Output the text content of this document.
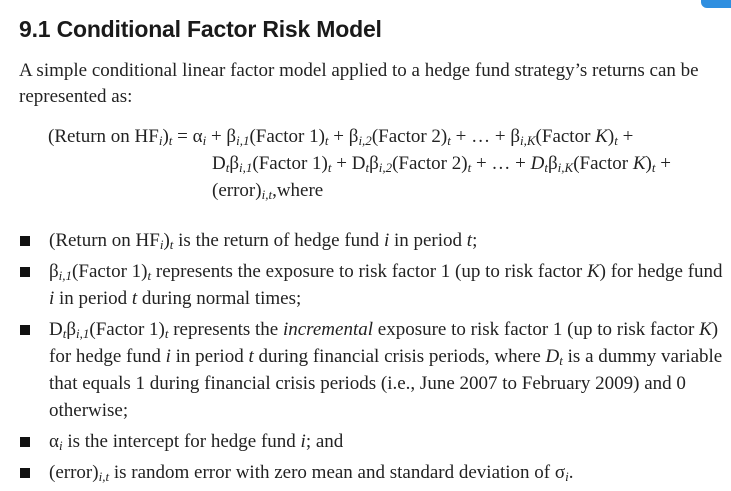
9.1 Conditional Factor Risk Model

A simple conditional linear factor model applied to a hedge fund strategy’s returns can be represented as:

(Return on $HF_i)_t = \alpha_i$ + $\beta_{i,1}(Factor$ $1)_t$ + $\beta_{i,2}(Factor$ $2)_t$ + … + $\beta_{i,K}(Factor$ $K)_t$ +
$D_t\beta_{i,1}(Factor$ $1)_t$ + $D_t\beta_{i,2}(Factor$ $2)_t$ + … + $D_t\beta_{i,K}(Factor$ $K)_t$ +
$(error)_{i,t},where$
(Return on $HF_i)_t$ is the return of hedge fund i in period t;
$\beta_{i,1}(Factor$ $1)_t$ represents the exposure to risk factor 1 (up to risk factor K) for hedge fund i in period t during normal times;
$D_t\beta_{i,1}(Factor$ $1)_t$ represents the incremental exposure to risk factor 1 (up to risk factor K) for hedge fund i in period t during financial crisis periods, where $D_t$ is a dummy variable that equals 1 during financial crisis periods (i.e., June 2007 to February 2009) and 0 otherwise;
$\alpha_i$ is the intercept for hedge fund i; and
$(error)_{i,t}$ is random error with zero mean and standard deviation of $\sigma_i$.
